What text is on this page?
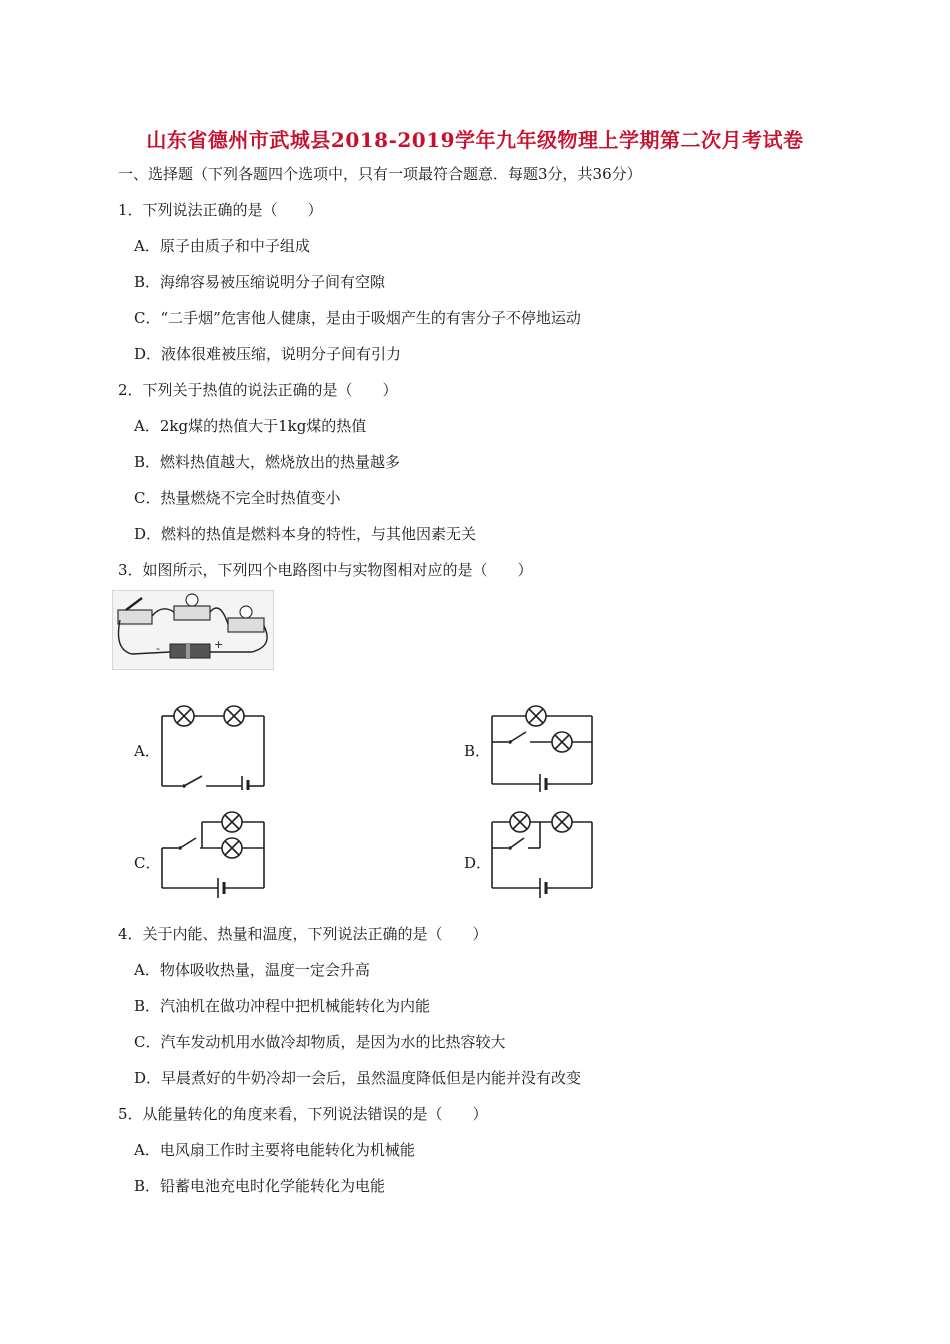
山东省德州市武城县2018-2019学年九年级物理上学期第二次月考试卷
一、选择题（下列各题四个选项中，只有一项最符合题意．每题3分，共36分）
1．下列说法正确的是（　　）
A．原子由质子和中子组成
B．海绵容易被压缩说明分子间有空隙
C．“二手烟”危害他人健康，是由于吸烟产生的有害分子不停地运动
D．液体很难被压缩，说明分子间有引力
2．下列关于热值的说法正确的是（　　）
A．2kg煤的热值大于1kg煤的热值
B．燃料热值越大，燃烧放出的热量越多
C．热量燃烧不完全时热值变小
D．燃料的热值是燃料本身的特性，与其他因素无关
3．如图所示，下列四个电路图中与实物图相对应的是（　　）
-	+
A．	B．
C．	D．
4．关于内能、热量和温度，下列说法正确的是（　　）
A．物体吸收热量，温度一定会升高
B．汽油机在做功冲程中把机械能转化为内能
C．汽车发动机用水做冷却物质，是因为水的比热容较大
D．早晨煮好的牛奶冷却一会后，虽然温度降低但是内能并没有改变
5．从能量转化的角度来看，下列说法错误的是（　　）
A．电风扇工作时主要将电能转化为机械能
B．铅蓄电池充电时化学能转化为电能
